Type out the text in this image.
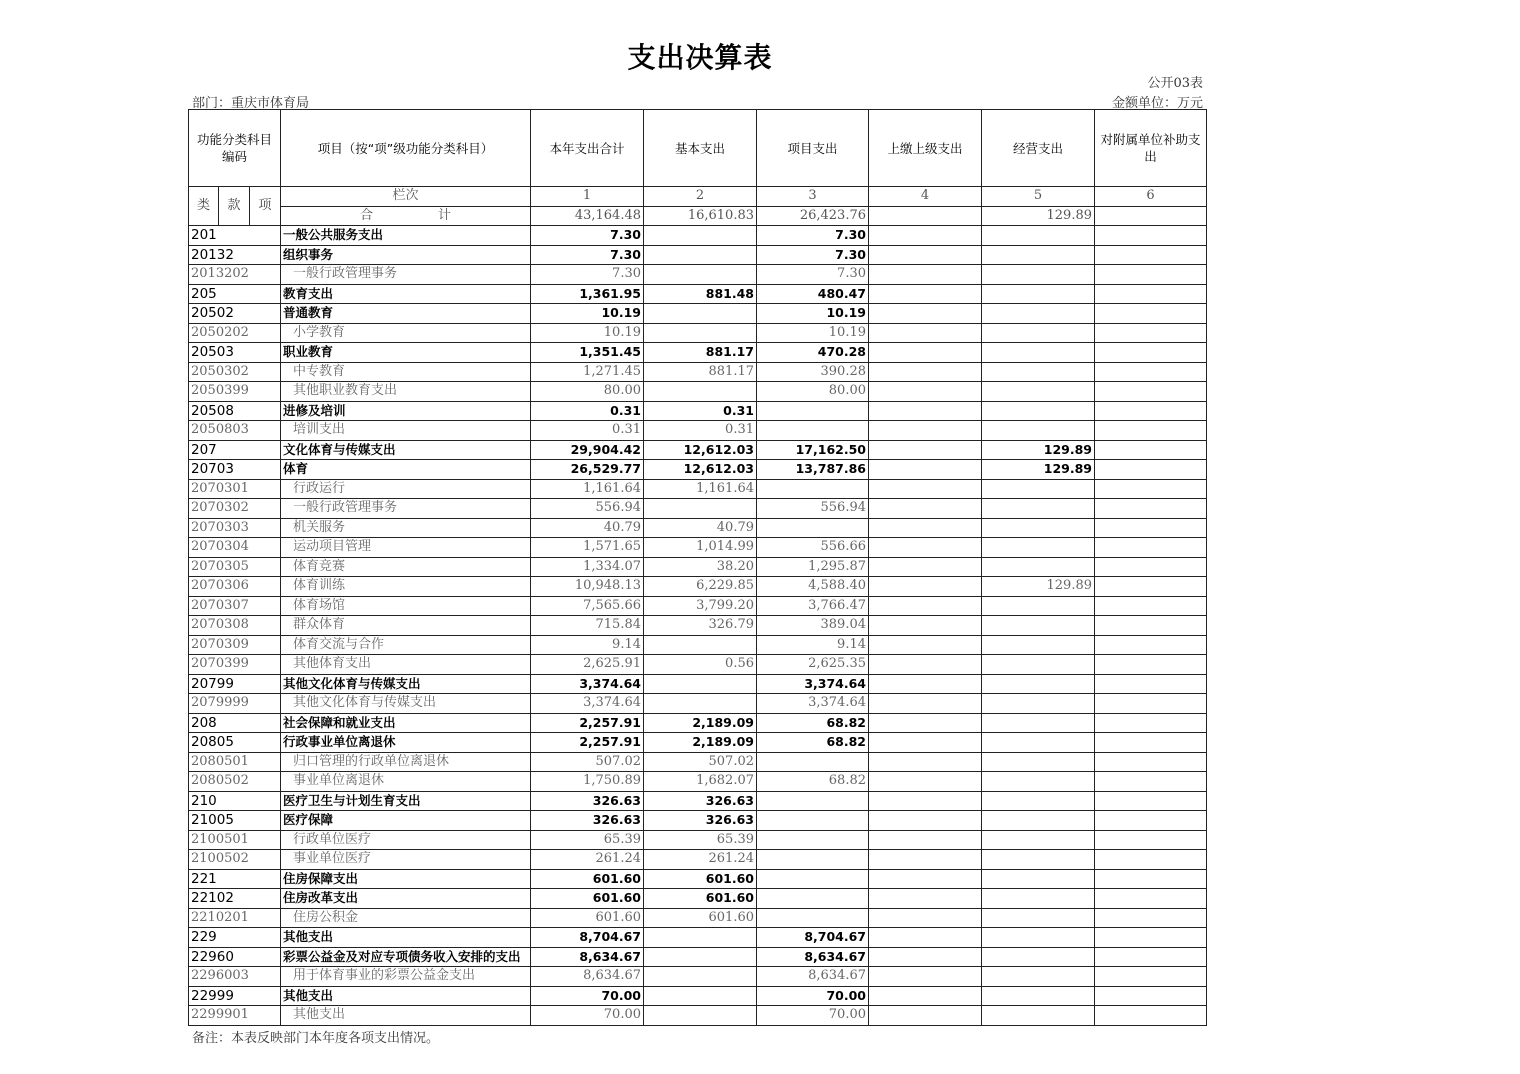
支出决算表
公开03表
部门：重庆市体育局	金额单位：万元
功能分类科目编码			项目（按“项”级功能分类科目）	本年支出合计	基本支出	项目支出	上缴上级支出	经营支出	对附属单位补助支出
类	款	项	栏次	1	2	3	4	5	6
			合　　　　　计	43,164.48	16,610.83	26,423.76		129.89	
201			一般公共服务支出	7.30		7.30			
20132			组织事务	7.30		7.30			
2013202			一般行政管理事务	7.30		7.30			
205			教育支出	1,361.95	881.48	480.47			
20502			普通教育	10.19		10.19			
2050202			小学教育	10.19		10.19			
20503			职业教育	1,351.45	881.17	470.28			
2050302			中专教育	1,271.45	881.17	390.28			
2050399			其他职业教育支出	80.00		80.00			
20508			进修及培训	0.31	0.31				
2050803			培训支出	0.31	0.31				
207			文化体育与传媒支出	29,904.42	12,612.03	17,162.50		129.89	
20703			体育	26,529.77	12,612.03	13,787.86		129.89	
2070301			行政运行	1,161.64	1,161.64				
2070302			一般行政管理事务	556.94		556.94			
2070303			机关服务	40.79	40.79				
2070304			运动项目管理	1,571.65	1,014.99	556.66			
2070305			体育竞赛	1,334.07	38.20	1,295.87			
2070306			体育训练	10,948.13	6,229.85	4,588.40		129.89	
2070307			体育场馆	7,565.66	3,799.20	3,766.47			
2070308			群众体育	715.84	326.79	389.04			
2070309			体育交流与合作	9.14		9.14			
2070399			其他体育支出	2,625.91	0.56	2,625.35			
20799			其他文化体育与传媒支出	3,374.64		3,374.64			
2079999			其他文化体育与传媒支出	3,374.64		3,374.64			
208			社会保障和就业支出	2,257.91	2,189.09	68.82			
20805			行政事业单位离退休	2,257.91	2,189.09	68.82			
2080501			归口管理的行政单位离退休	507.02	507.02				
2080502			事业单位离退休	1,750.89	1,682.07	68.82			
210			医疗卫生与计划生育支出	326.63	326.63				
21005			医疗保障	326.63	326.63				
2100501			行政单位医疗	65.39	65.39				
2100502			事业单位医疗	261.24	261.24				
221			住房保障支出	601.60	601.60				
22102			住房改革支出	601.60	601.60				
2210201			住房公积金	601.60	601.60				
229			其他支出	8,704.67		8,704.67			
22960			彩票公益金及对应专项债务收入安排的支出	8,634.67		8,634.67			
2296003			用于体育事业的彩票公益金支出	8,634.67		8,634.67			
22999			其他支出	70.00		70.00			
2299901			其他支出	70.00		70.00			
备注：本表反映部门本年度各项支出情况。
